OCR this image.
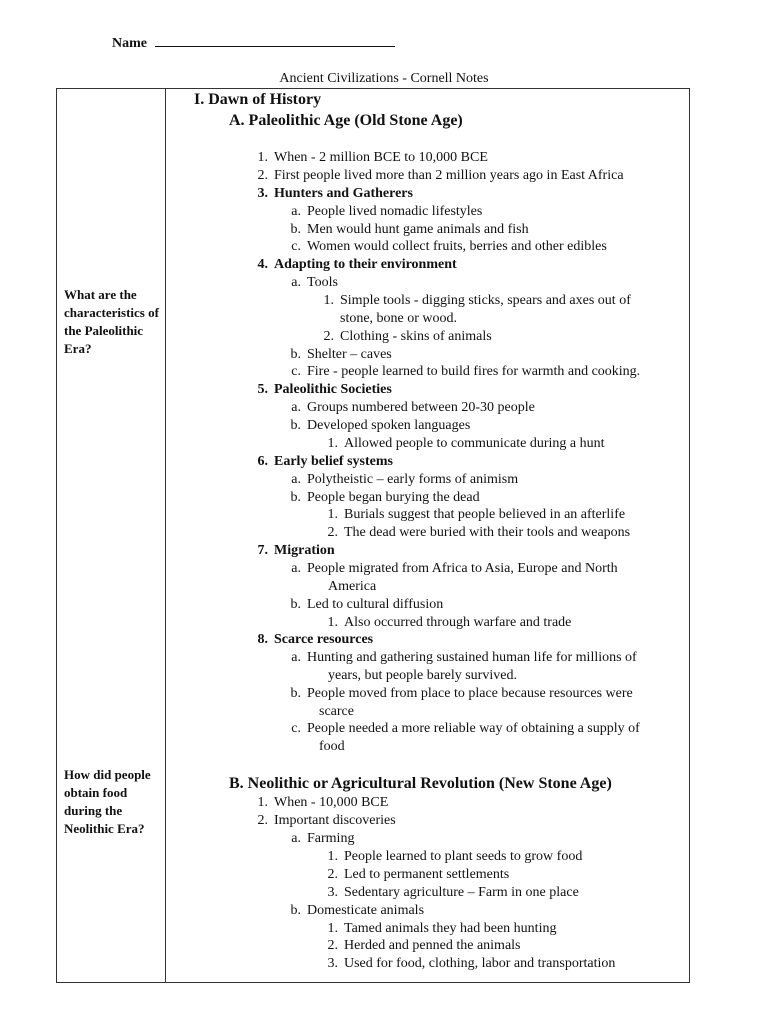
Name
Ancient Civilizations - Cornell Notes
What are the characteristics of the Paleolithic Era?
How did people obtain food during the Neolithic Era?
I. Dawn of History
A. Paleolithic Age (Old Stone Age)
1. When - 2 million BCE to 10,000 BCE
2. First people lived more than 2 million years ago in East Africa
3. Hunters and Gatherers
a. People lived nomadic lifestyles
b. Men would hunt game animals and fish
c. Women would collect fruits, berries and other edibles
4. Adapting to their environment
a. Tools
1. Simple tools - digging sticks, spears and axes out of
stone, bone or wood.
2. Clothing - skins of animals
b. Shelter – caves
c. Fire - people learned to build fires for warmth and cooking.
5. Paleolithic Societies
a. Groups numbered between 20-30 people
b. Developed spoken languages
1. Allowed people to communicate during a hunt
6. Early belief systems
a. Polytheistic – early forms of animism
b. People began burying the dead
1. Burials suggest that people believed in an afterlife
2. The dead were buried with their tools and weapons
7. Migration
a. People migrated from Africa to Asia, Europe and North
America
b. Led to cultural diffusion
1. Also occurred through warfare and trade
8. Scarce resources
a. Hunting and gathering sustained human life for millions of
years, but people barely survived.
b. People moved from place to place because resources were
scarce
c. People needed a more reliable way of obtaining a supply of
food
B. Neolithic or Agricultural Revolution (New Stone Age)
1. When - 10,000 BCE
2. Important discoveries
a. Farming
1. People learned to plant seeds to grow food
2. Led to permanent settlements
3. Sedentary agriculture – Farm in one place
b. Domesticate animals
1. Tamed animals they had been hunting
2. Herded and penned the animals
3. Used for food, clothing, labor and transportation
